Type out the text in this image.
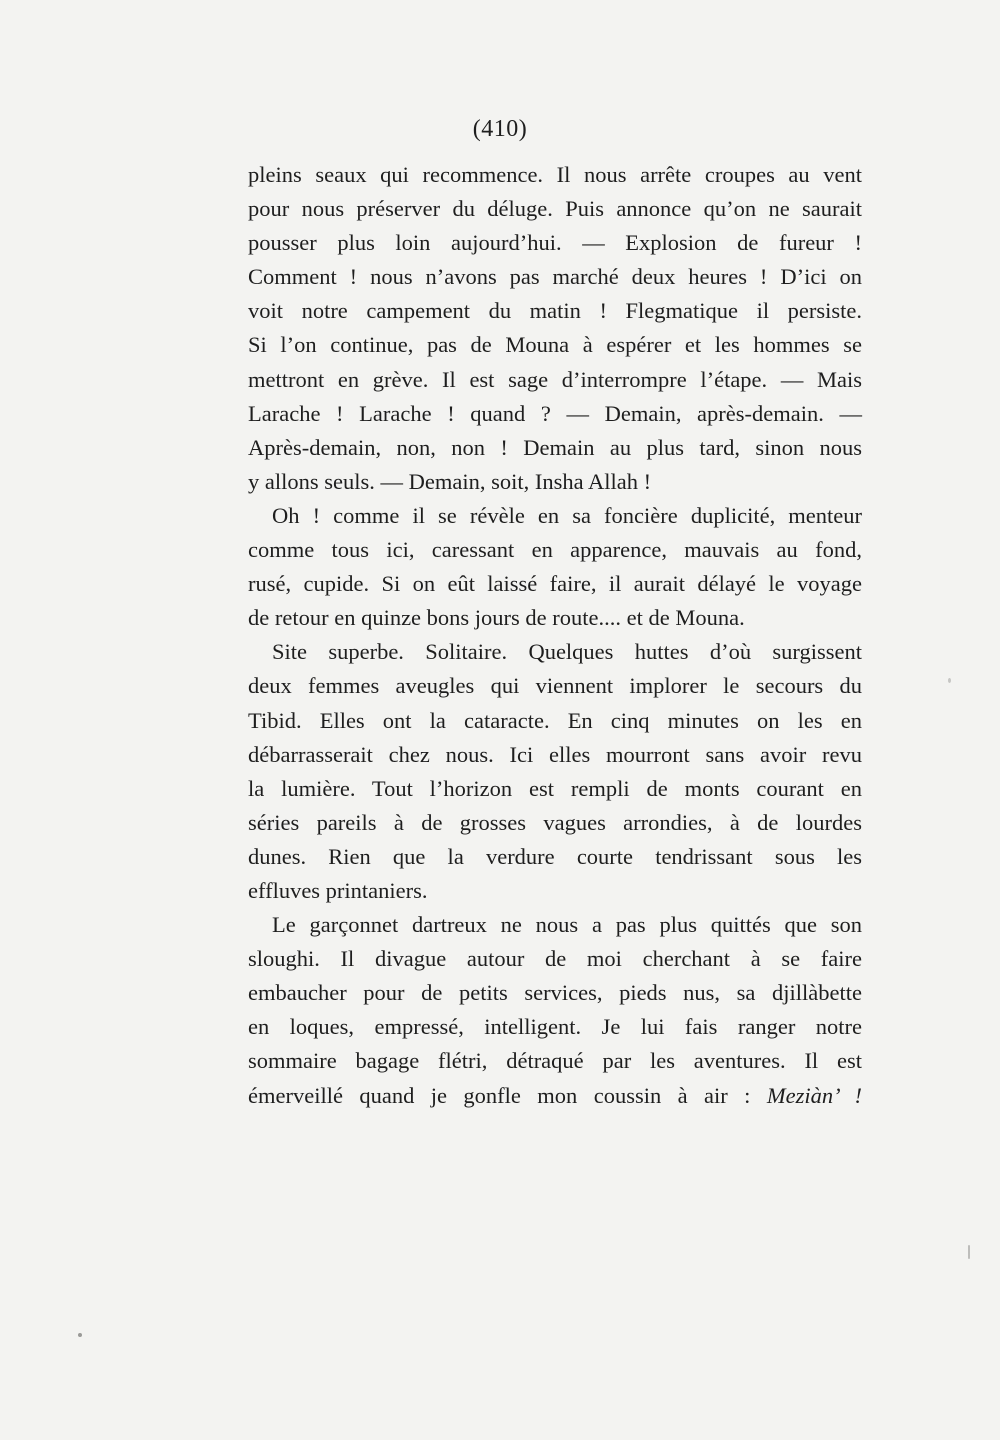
(410)
pleins seaux qui recommence. Il nous arrête croupes au vent
pour nous préserver du déluge. Puis annonce qu’on ne saurait
pousser plus loin aujourd’hui. — Explosion de fureur !
Comment ! nous n’avons pas marché deux heures ! D’ici on
voit notre campement du matin ! Flegmatique il persiste.
Si l’on continue, pas de Mouna à espérer et les hommes se
mettront en grève. Il est sage d’interrompre l’étape. — Mais
Larache ! Larache ! quand ? — Demain, après-demain. —
Après-demain, non, non ! Demain au plus tard, sinon nous
y allons seuls. — Demain, soit, Insha Allah !
Oh ! comme il se révèle en sa foncière duplicité, menteur
comme tous ici, caressant en apparence, mauvais au fond,
rusé, cupide. Si on eût laissé faire, il aurait délayé le voyage
de retour en quinze bons jours de route.... et de Mouna.
Site superbe. Solitaire. Quelques huttes d’où surgissent
deux femmes aveugles qui viennent implorer le secours du
Tibid. Elles ont la cataracte. En cinq minutes on les en
débarrasserait chez nous. Ici elles mourront sans avoir revu
la lumière. Tout l’horizon est rempli de monts courant en
séries pareils à de grosses vagues arrondies, à de lourdes
dunes. Rien que la verdure courte tendrissant sous les
effluves printaniers.
Le garçonnet dartreux ne nous a pas plus quittés que son
sloughi. Il divague autour de moi cherchant à se faire
embaucher pour de petits services, pieds nus, sa djillàbette
en loques, empressé, intelligent. Je lui fais ranger notre
sommaire bagage flétri, détraqué par les aventures. Il est
émerveillé quand je gonfle mon coussin à air : Meziàn’ !
